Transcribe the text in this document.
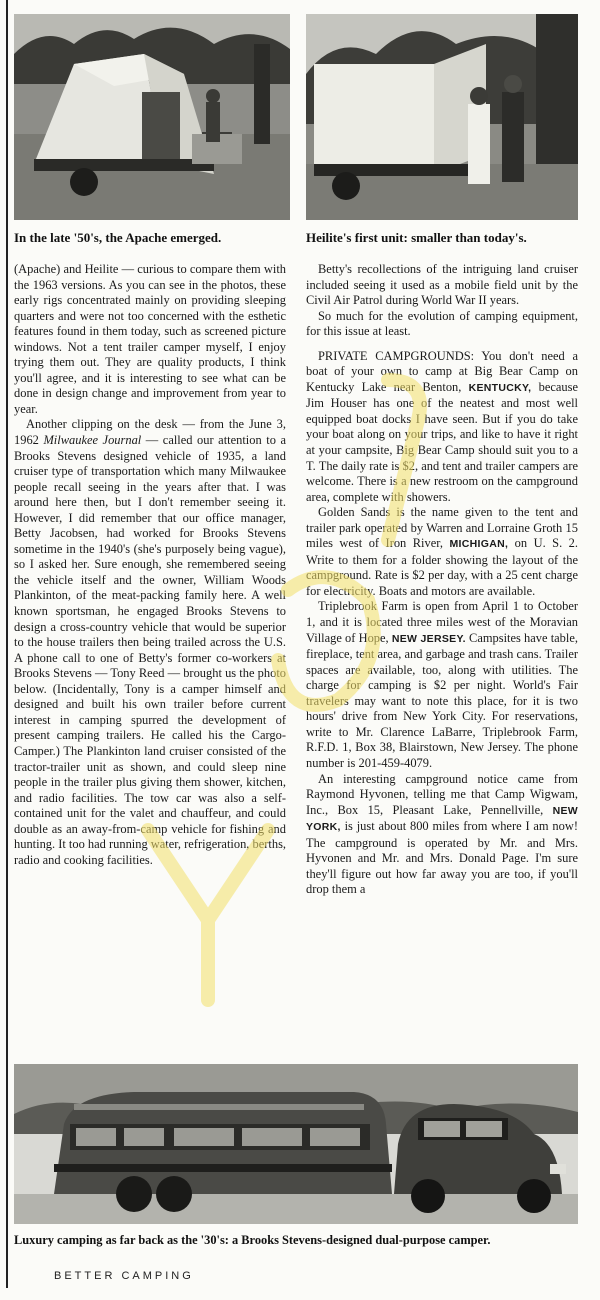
In the late '50's, the Apache emerged.	Heilite's first unit: smaller than today's.

(Apache) and Heilite — curious to compare them with the 1963 versions. As you can see in the photos, these early rigs concentrated mainly on providing sleeping quarters and were not too concerned with the esthetic features found in them today, such as screened picture windows. Not a tent trailer camper myself, I enjoy trying them out. They are quality products, I think you'll agree, and it is interesting to see what can be done in design change and improvement from year to year.

Another clipping on the desk — from the June 3, 1962 Milwaukee Journal — called our attention to a Brooks Stevens designed vehicle of 1935, a land cruiser type of transportation which many Milwaukee people recall seeing in the years after that. I was around here then, but I don't remember seeing it. However, I did remember that our office manager, Betty Jacobsen, had worked for Brooks Stevens sometime in the 1940's (she's purposely being vague), so I asked her. Sure enough, she remembered seeing the vehicle itself and the owner, William Woods Plankinton, of the meat-packing family here. A well known sportsman, he engaged Brooks Stevens to design a cross-country vehicle that would be superior to the house trailers then being trailed across the U.S. A phone call to one of Betty's former co-workers at Brooks Stevens — Tony Reed — brought us the photo below. (Incidentally, Tony is a camper himself and designed and built his own trailer before current interest in camping spurred the development of present camping trailers. He called his the Cargo-Camper.) The Plankinton land cruiser consisted of the tractor-trailer unit as shown, and could sleep nine people in the trailer plus giving them shower, kitchen, and radio facilities. The tow car was also a self-contained unit for the valet and chauffeur, and could double as an away-from-camp vehicle for fishing and hunting. It too had running water, refrigeration, berths, radio and cooking facilities.

Betty's recollections of the intriguing land cruiser included seeing it used as a mobile field unit by the Civil Air Patrol during World War II years.

So much for the evolution of camping equipment, for this issue at least.

PRIVATE CAMPGROUNDS: You don't need a boat of your own to camp at Big Bear Camp on Kentucky Lake near Benton, KENTUCKY, because Jim Houser has one of the neatest and most well equipped boat docks I have seen. But if you do take your boat along on your trips, and like to have it right at your campsite, Big Bear Camp should suit you to a T. The daily rate is $2, and tent and trailer campers are welcome. There is a new restroom on the campground area, complete with showers.

Golden Sands is the name given to the tent and trailer park operated by Warren and Lorraine Groth 15 miles west of Iron River, MICHIGAN, on U. S. 2. Write to them for a folder showing the layout of the campground. Rate is $2 per day, with a 25 cent charge for electricity. Boats and motors are available.

Triplebrook Farm is open from April 1 to October 1, and it is located three miles west of the Moravian Village of Hope, NEW JERSEY. Campsites have table, fireplace, tent area, and garbage and trash cans. Trailer spaces are available, too, along with utilities. The charge for camping is $2 per night. World's Fair travelers may want to note this place, for it is two hours' drive from New York City. For reservations, write to Mr. Clarence LaBarre, Triplebrook Farm, R.F.D. 1, Box 38, Blairstown, New Jersey. The phone number is 201-459-4079.

An interesting campground notice came from Raymond Hyvonen, telling me that Camp Wigwam, Inc., Box 15, Pleasant Lake, Pennellville, NEW YORK, is just about 800 miles from where I am now! The campground is operated by Mr. and Mrs. Hyvonen and Mr. and Mrs. Donald Page. I'm sure they'll figure out how far away you are too, if you'll drop them a

Luxury camping as far back as the '30's: a Brooks Stevens-designed dual-purpose camper.
BETTER CAMPING
